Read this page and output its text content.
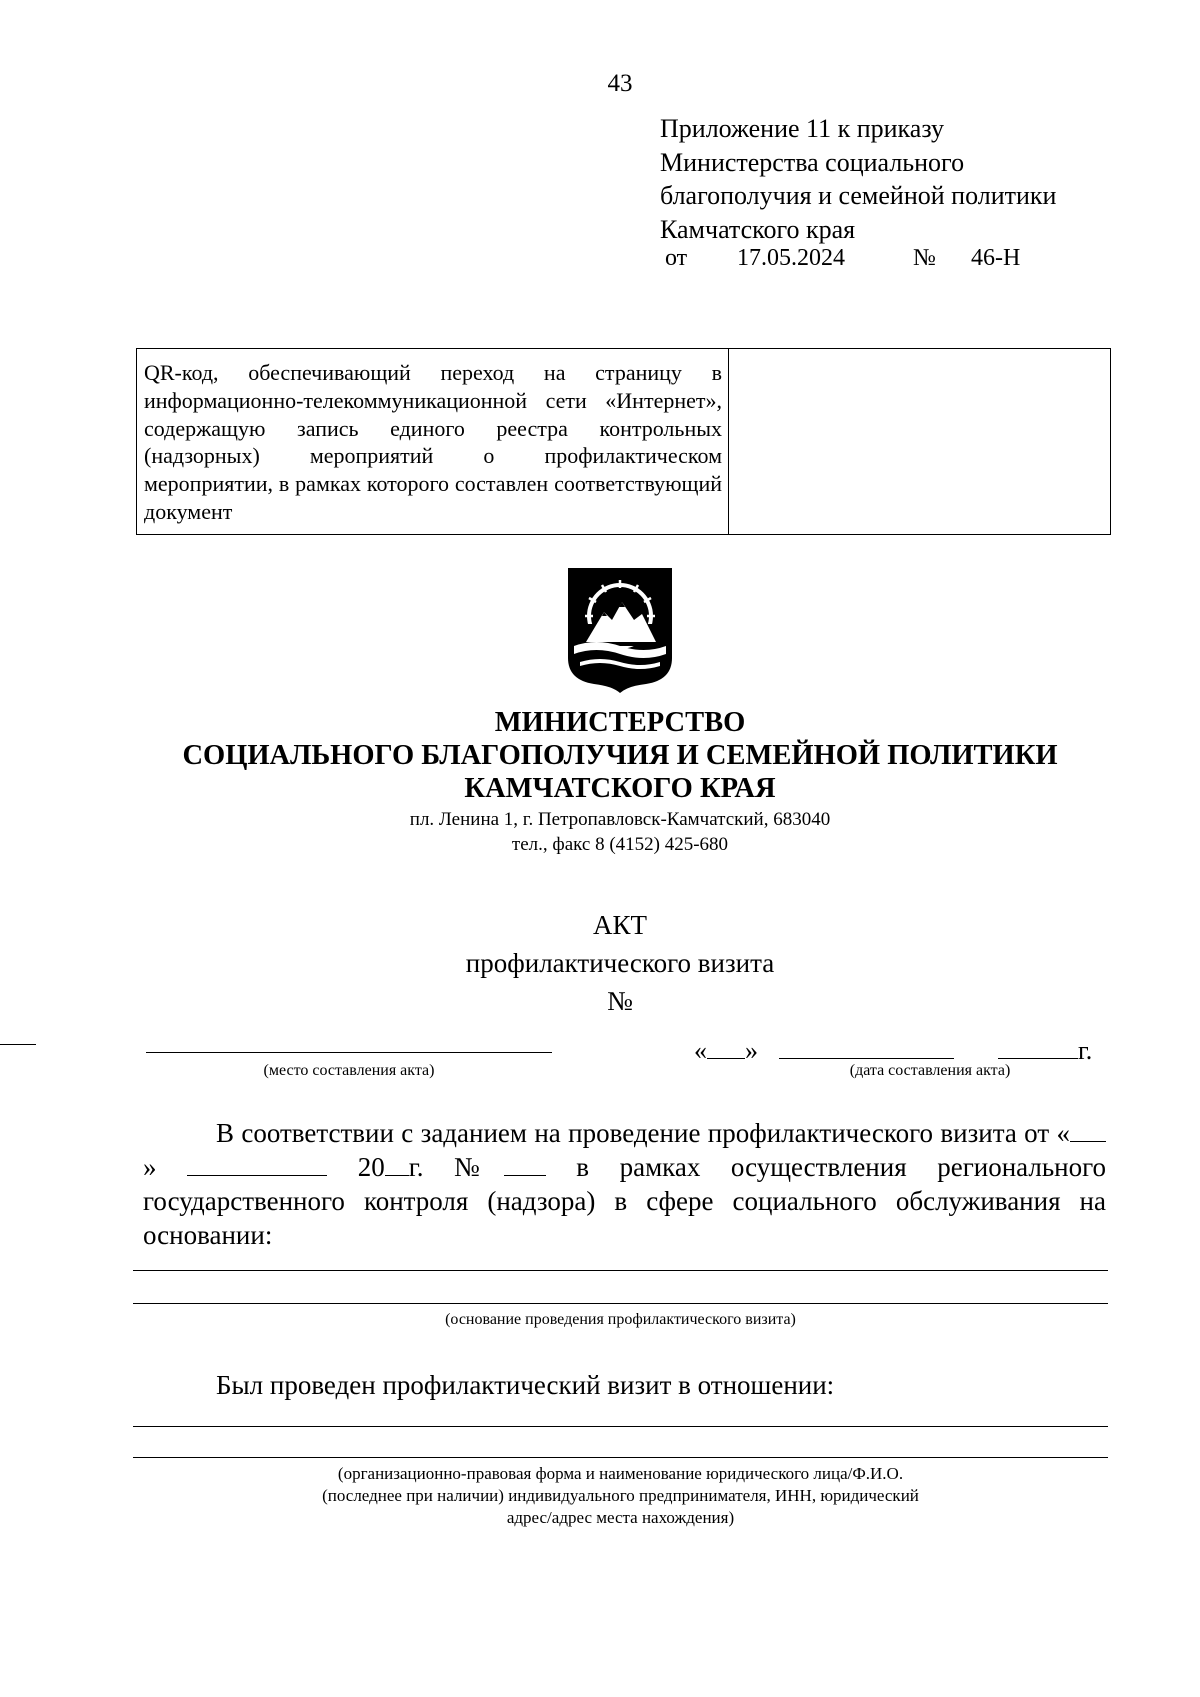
43
Приложение 11 к приказу
Министерства социального
благополучия и семейной политики
Камчатского края
от 17.05.2024	№ 46-Н
QR-код, обеспечивающий переход на страницу в информационно-телекоммуникационной сети «Интернет», содержащую запись единого реестра контрольных (надзорных) мероприятий о профилактическом мероприятии, в рамках которого составлен соответствующий документ
МИНИСТЕРСТВО
СОЦИАЛЬНОГО БЛАГОПОЛУЧИЯ И СЕМЕЙНОЙ ПОЛИТИКИ
КАМЧАТСКОГО КРАЯ
пл. Ленина 1, г. Петропавловск-Камчатский, 683040
тел., факс 8 (4152) 425-680
АКТ
профилактического визита
№
(место составления акта)
« »	г.
(дата составления акта)
В соответствии с заданием на проведение профилактического визита от «»	20 г. №	в рамках осуществления регионального государственного контроля (надзора) в сфере социального обслуживания на основании:
(основание проведения профилактического визита)
Был проведен профилактический визит в отношении:
(организационно-правовая форма и наименование юридического лица/Ф.И.О.
(последнее при наличии) индивидуального предпринимателя, ИНН, юридический
адрес/адрес места нахождения)
